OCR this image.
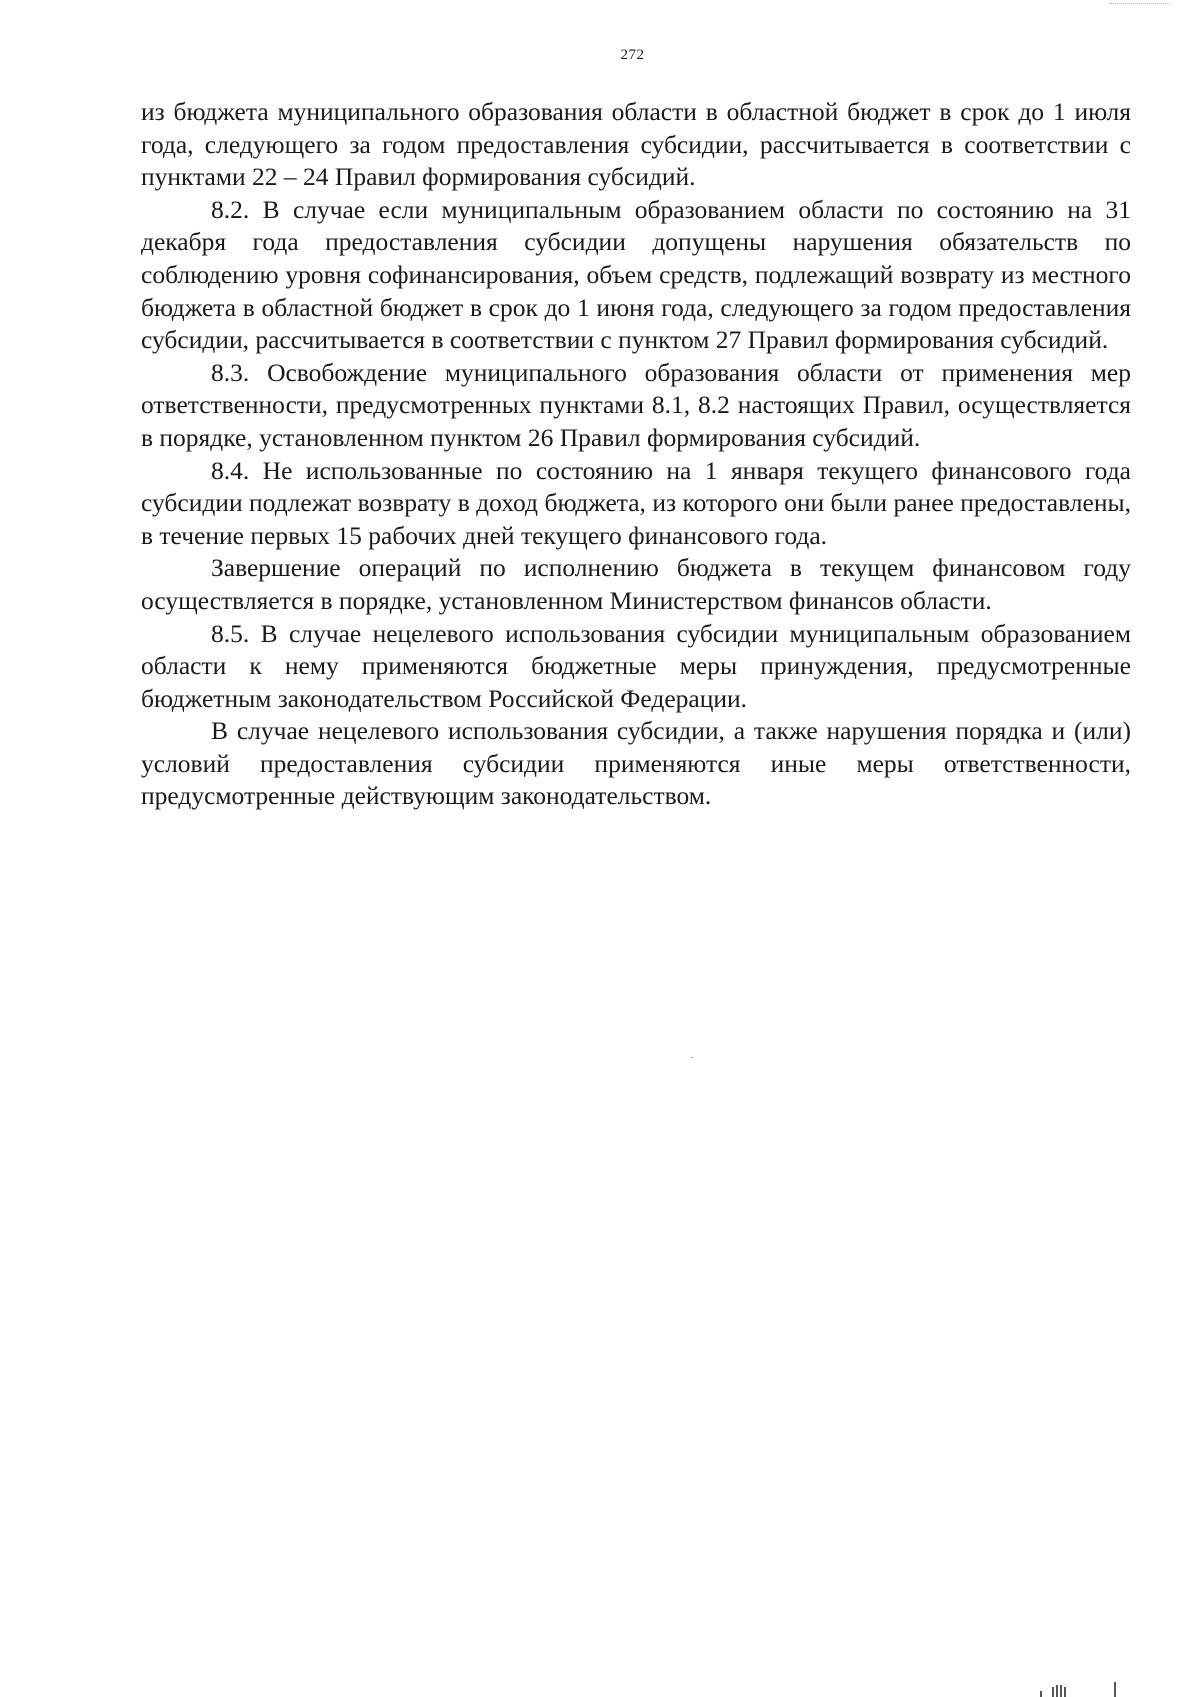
272

из бюджета муниципального образования области в областной бюджет в срок до 1 июля года, следующего за годом предоставления субсидии, рассчитывается в соответствии с пунктами 22 – 24 Правил формирования субсидий.

8.2. В случае если муниципальным образованием области по состоянию на 31 декабря года предоставления субсидии допущены нарушения обязательств по соблюдению уровня софинансирования, объем средств, подлежащий возврату из местного бюджета в областной бюджет в срок до 1 июня года, следующего за годом предоставления субсидии, рассчитывается в соответствии с пунктом 27 Правил формирования субсидий.

8.3. Освобождение муниципального образования области от применения мер ответственности, предусмотренных пунктами 8.1, 8.2 настоящих Правил, осуществляется в порядке, установленном пунктом 26 Правил формирования субсидий.

8.4. Не использованные по состоянию на 1 января текущего финансового года субсидии подлежат возврату в доход бюджета, из которого они были ранее предоставлены, в течение первых 15 рабочих дней текущего финансового года.

Завершение операций по исполнению бюджета в текущем финансовом году осуществляется в порядке, установленном Министерством финансов области.

8.5. В случае нецелевого использования субсидии муниципальным образованием области к нему применяются бюджетные меры принуждения, предусмотренные бюджетным законодательством Российской Федерации.

В случае нецелевого использования субсидии, а также нарушения порядка и (или) условий предоставления субсидии применяются иные меры ответственности, предусмотренные действующим законодательством.
